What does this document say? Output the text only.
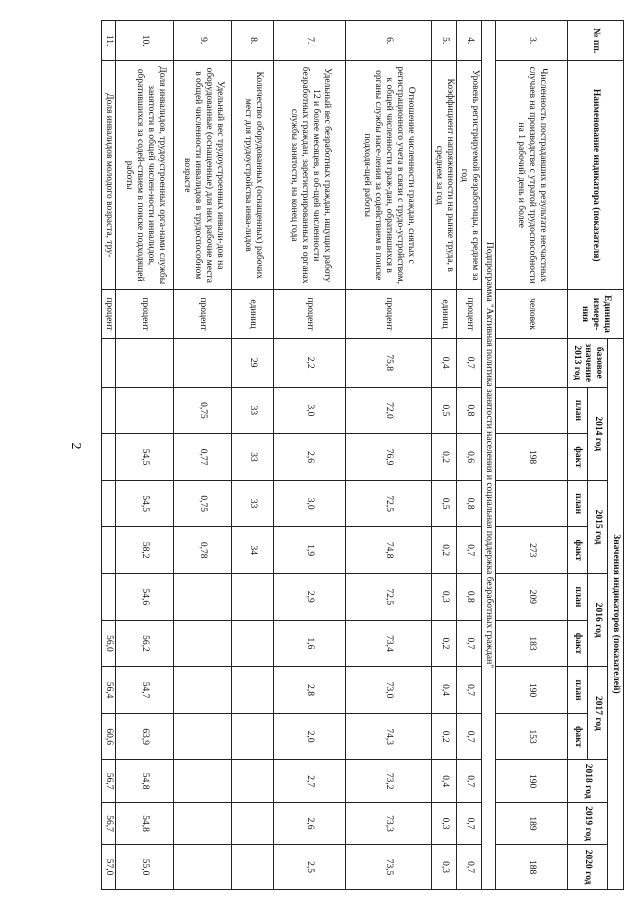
2
№ пп.	Наименование индикатора (показателя)	Единица измере-ния	Значения индикаторов (показателей)											
			базовое значение 2013 год	2014 год		2015 год		2016 год		2017 год		2018 год	2019 год	2020 год
				план	факт	план	факт	план	факт	план	факт			
3.	Численность пострадавших в результате несчастных случаев на производстве с утратой трудоспособности на 1 рабочий день и более	человек			198		273	209	183	190	153	190	189	188
Подпрограмма "Активная политика занятости населения и социальная поддержка безработных граждан"														
4.	Уровень регистрируемой безработицы, в среднем за год	процент	0,7	0,8	0,6	0,8	0,7	0,8	0,7	0,7	0,7	0,7	0,7	0,7
5.	Коэффициент напряженности на рынке труда, в среднем за год	единиц	0,4	0,5	0,2	0,5	0,2	0,3	0,2	0,4	0,2	0,4	0,3	0,3
6.	Отношение численности граждан, снятых с регистрационного учета в связи с трудо-устройством, к общей численности граж-дан, обратившихся в органы службы насе-ления за содействием в поиске подходя-щей работы	процент	75,8	72,0	76,9	72,5	74,8	72,5	73,4	73,0	74,3	73,2	73,3	73,5
7.	Удельный вес безработных граждан, ищущих работу 12 и более месяцев, в об-щей численности безработных граждан, зарегистрированных в органах службы занятости, на конец года	процент	2,2	3,0	2,6	3,0	1,9	2,9	1,6	2,8	2,0	2,7	2,6	2,5
8.	Количество оборудованных (оснащенных) рабочих мест для трудоустройства инва-лидов	единиц	29	33	33	33	34							
9.	Удельный вес трудоустроенных инвали-дов на оборудованные (оснащенные) для них рабочие места в общей численности инвалидов в трудоспособном возрасте	процент		0,75	0,77	0,75	0,78							
10.	Доля инвалидов, трудоустроенных орга-нами службы занятости в общей числен-ности инвалидов, обратившихся за содей-ствием в поиске подходящей работы	процент			54,5	54,5	58,2	54,6	56,2	54,7	63,9	54,8	54,8	55,0
11.	Доля инвалидов молодого возраста, тру-	процент							56,0	56,4	60,6	56,7	56,7	57,0
